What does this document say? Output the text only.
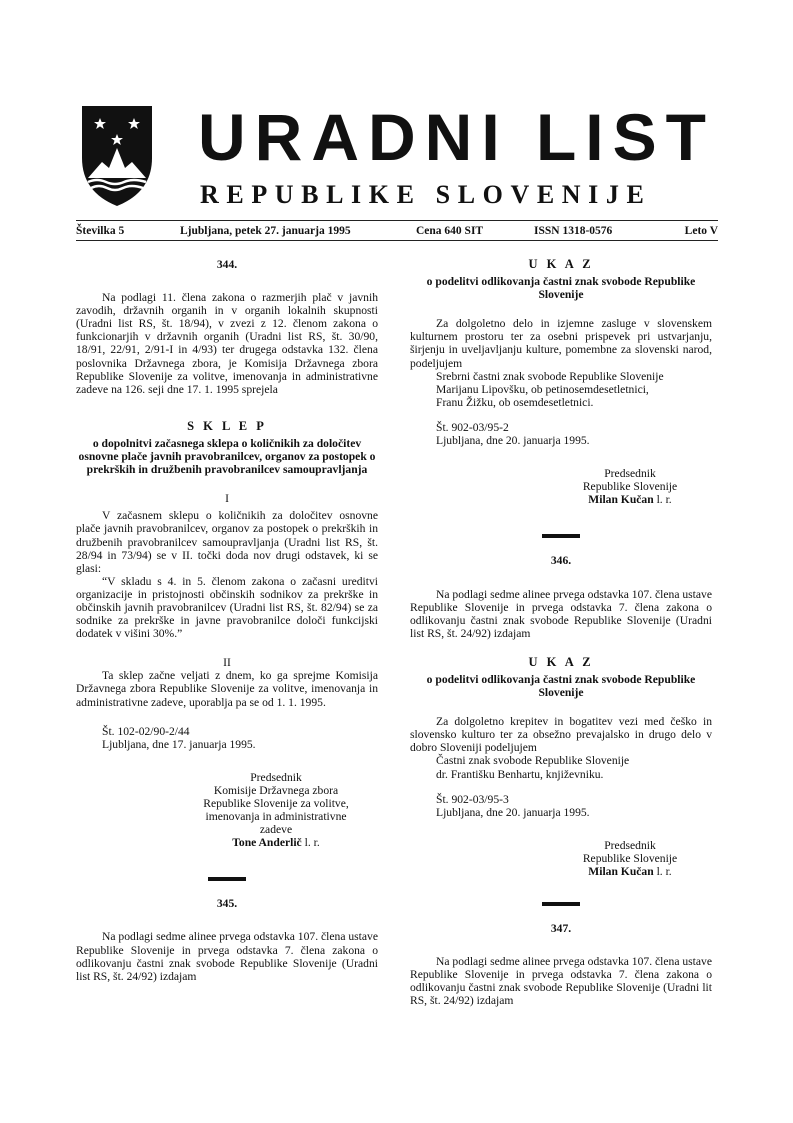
URADNI LIST
REPUBLIKE SLOVENIJE
Številka 5	Ljubljana, petek 27. januarja 1995	Cena 640 SIT	ISSN 1318-0576	Leto V

344.

Na podlagi 11. člena zakona o razmerjih plač v javnih zavodih, državnih organih in v organih lokalnih skupnosti (Uradni list RS, št. 18/94), v zvezi z 12. členom zakona o funkcionarjih v državnih organih (Uradni list RS, št. 30/90, 18/91, 22/91, 2/91-I in 4/93) ter drugega odstavka 132. člena poslovnika Državnega zbora, je Komisija Državnega zbora Republike Slovenije za volitve, imenovanja in administrativne zadeve na 126. seji dne 17. 1. 1995 sprejela

S K L E P

o dopolnitvi začasnega sklepa o količnikih za določitev osnovne plače javnih pravobranilcev, organov za postopek o prekrških in družbenih pravobranilcev samoupravljanja

I

V začasnem sklepu o količnikih za določitev osnovne plače javnih pravobranilcev, organov za postopek o prekrških in družbenih pravobranilcev samoupravljanja (Uradni list RS, št. 28/94 in 73/94) se v II. točki doda nov drugi odstavek, ki se glasi:

“V skladu s 4. in 5. členom zakona o začasni ureditvi organizacije in pristojnosti občinskih sodnikov za prekrške in občinskih javnih pravobranilcev (Uradni list RS, št. 82/94) se za sodnike za prekrške in javne pravobranilce določi funkcijski dodatek v višini 30%.”

II

Ta sklep začne veljati z dnem, ko ga sprejme Komisija Državnega zbora Republike Slovenije za volitve, imenovanja in administrativne zadeve, uporablja pa se od 1. 1. 1995.

Št. 102-02/90-2/44

Ljubljana, dne 17. januarja 1995.

Predsednik

Komisije Državnega zbora

Republike Slovenije za volitve,

imenovanja in administrativne

zadeve

Tone Anderlič l. r.

345.

Na podlagi sedme alinee prvega odstavka 107. člena ustave Republike Slovenije in prvega odstavka 7. člena zakona o odlikovanju častni znak svobode Republike Slovenije (Uradni list RS, št. 24/92) izdajam

U K A Z

o podelitvi odlikovanja častni znak svobode Republike Slovenije

Za dolgoletno delo in izjemne zasluge v slovenskem kulturnem prostoru ter za osebni prispevek pri ustvarjanju, širjenju in uveljavljanju kulture, pomembne za slovenski narod, podeljujem

Srebrni častni znak svobode Republike Slovenije

Marijanu Lipovšku, ob petinosemdesetletnici,

Franu Žižku, ob osemdesetletnici.

Št. 902-03/95-2

Ljubljana, dne 20. januarja 1995.

Predsednik

Republike Slovenije

Milan Kučan l. r.

346.

Na podlagi sedme alinee prvega odstavka 107. člena ustave Republike Slovenije in prvega odstavka 7. člena zakona o odlikovanju častni znak svobode Republike Slovenije (Uradni list RS, št. 24/92) izdajam

U K A Z

o podelitvi odlikovanja častni znak svobode Republike Slovenije

Za dolgoletno krepitev in bogatitev vezi med češko in slovensko kulturo ter za obsežno prevajalsko in drugo delo v dobro Sloveniji podeljujem

Častni znak svobode Republike Slovenije

dr. Františku Benhartu, književniku.

Št. 902-03/95-3

Ljubljana, dne 20. januarja 1995.

Predsednik

Republike Slovenije

Milan Kučan l. r.

347.

Na podlagi sedme alinee prvega odstavka 107. člena ustave Republike Slovenije in prvega odstavka 7. člena zakona o odlikovanju častni znak svobode Republike Slovenije (Uradni lit RS, št. 24/92) izdajam
